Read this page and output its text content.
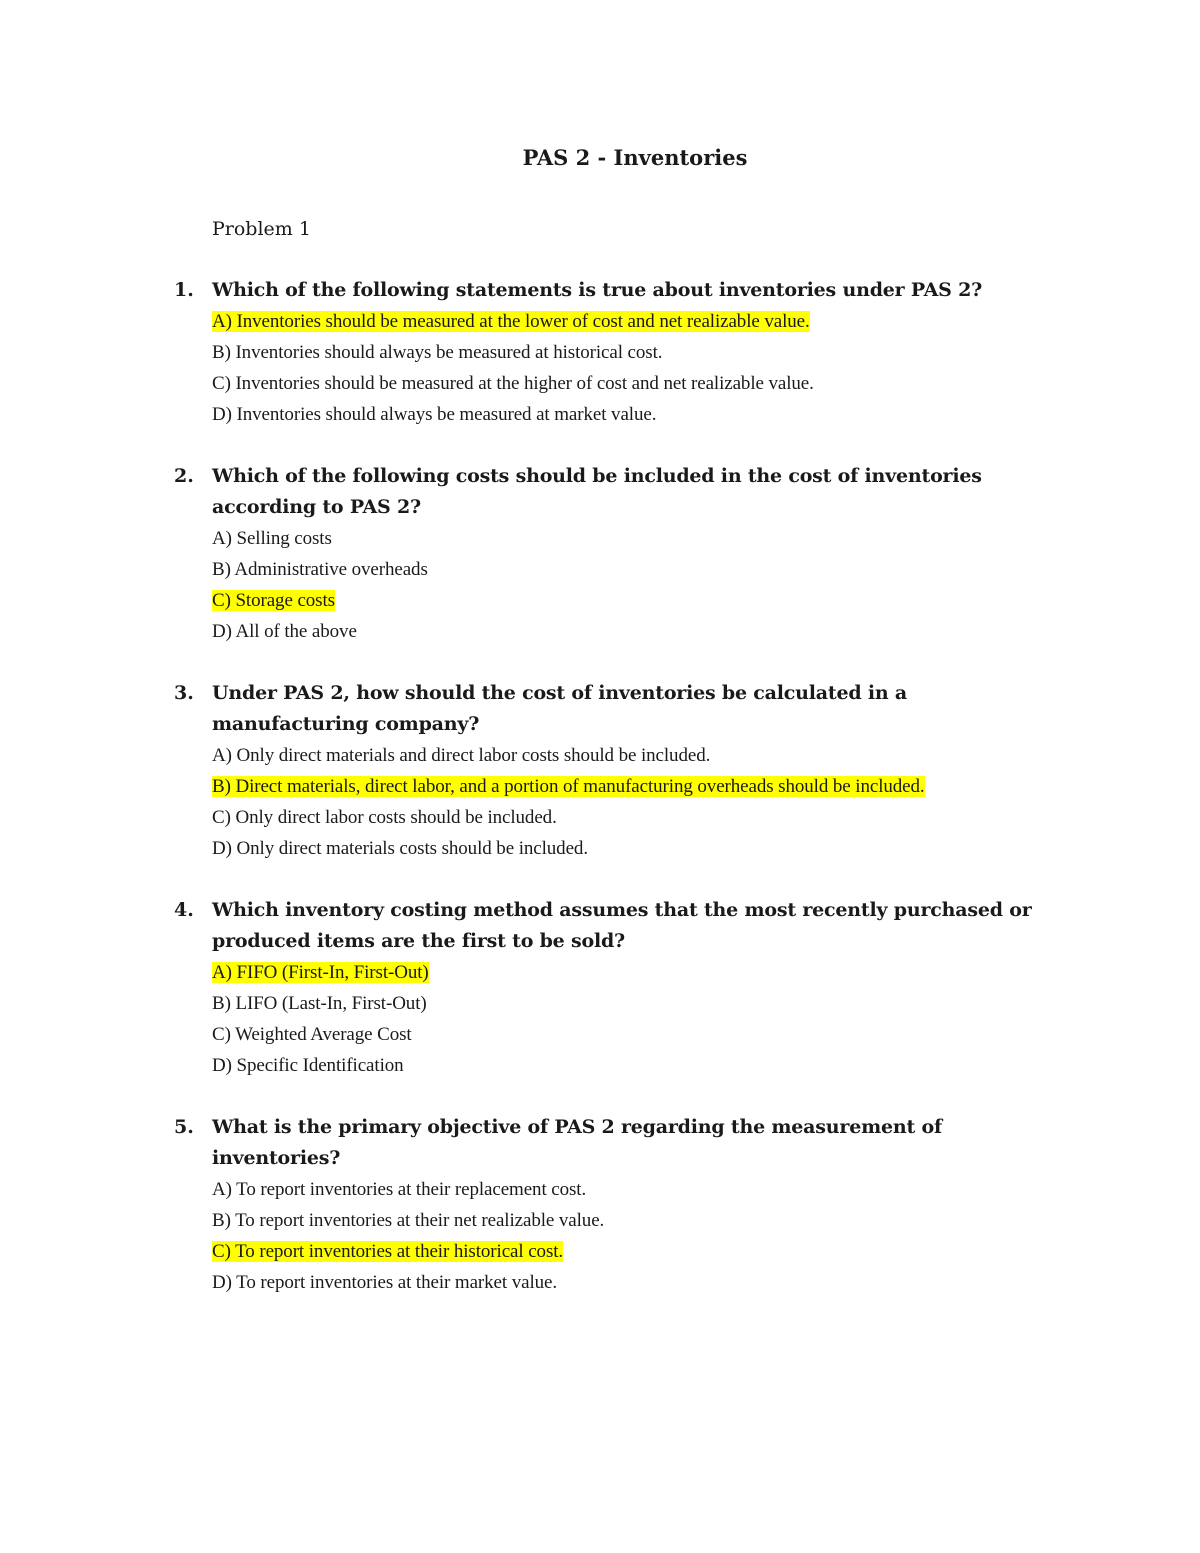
PAS 2 - Inventories
Problem 1
1. Which of the following statements is true about inventories under PAS 2?
A) Inventories should be measured at the lower of cost and net realizable value.
B) Inventories should always be measured at historical cost.
C) Inventories should be measured at the higher of cost and net realizable value.
D) Inventories should always be measured at market value.
2. Which of the following costs should be included in the cost of inventories according to PAS 2?
A) Selling costs
B) Administrative overheads
C) Storage costs
D) All of the above
3. Under PAS 2, how should the cost of inventories be calculated in a manufacturing company?
A) Only direct materials and direct labor costs should be included.
B) Direct materials, direct labor, and a portion of manufacturing overheads should be included.
C) Only direct labor costs should be included.
D) Only direct materials costs should be included.
4. Which inventory costing method assumes that the most recently purchased or produced items are the first to be sold?
A) FIFO (First-In, First-Out)
B) LIFO (Last-In, First-Out)
C) Weighted Average Cost
D) Specific Identification
5. What is the primary objective of PAS 2 regarding the measurement of inventories?
A) To report inventories at their replacement cost.
B) To report inventories at their net realizable value.
C) To report inventories at their historical cost.
D) To report inventories at their market value.
